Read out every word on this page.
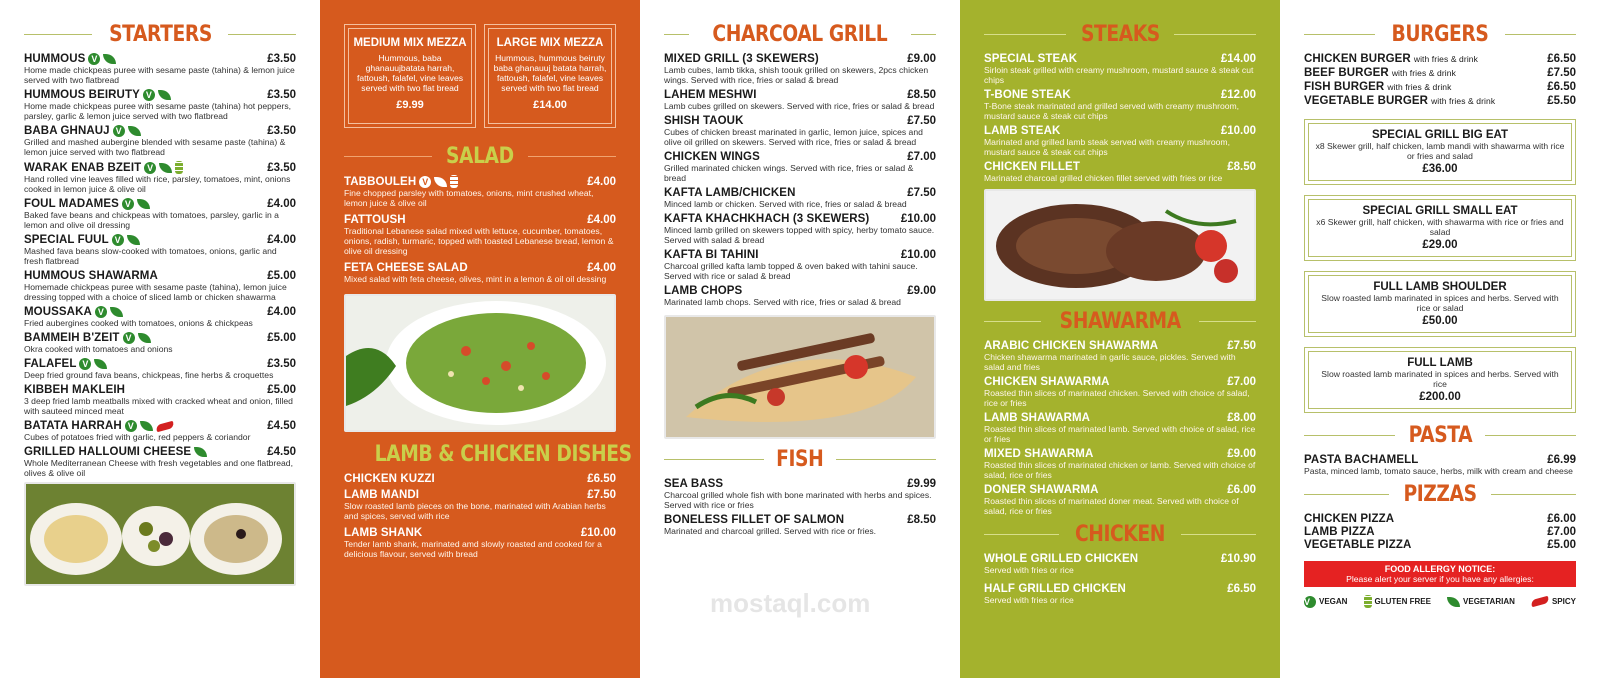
STARTERS
HUMMOUS V	£3.50
Home made chickpeas puree with sesame paste (tahina) & lemon juice served with two flatbread
HUMMOUS BEIRUTY V	£3.50
Home made chickpeas puree with sesame paste (tahina) hot peppers, parsley, garlic & lemon juice served with two flatbread
BABA GHNAUJ V	£3.50
Grilled and mashed aubergine blended with sesame paste (tahina) & lemon juice served with two flatbread
WARAK ENAB BZEIT V	£3.50
Hand rolled vine leaves filled with rice, parsley, tomatoes, mint, onions cooked in lemon juice & olive oil
FOUL MADAMES V	£4.00
Baked fave beans and chickpeas with tomatoes, parsley, garlic in a lemon and olive oil dressing
SPECIAL FUUL V	£4.00
Mashed fava beans slow-cooked with tomatoes, onions, garlic and fresh flatbread
HUMMOUS SHAWARMA	£5.00
Homemade chickpeas puree with sesame paste (tahina), lemon juice dressing topped with a choice of sliced lamb or chicken shawarma
MOUSSAKA V	£4.00
Fried aubergines cooked with tomatoes, onions & chickpeas
BAMMEIH B'ZEIT V	£5.00
Okra cooked with tomatoes and onions
FALAFEL V	£3.50
Deep fried ground fava beans, chickpeas, fine herbs & croquettes
KIBBEH MAKLEIH	£5.00
3 deep fried lamb meatballs mixed with cracked wheat and onion, filled with sauteed minced meat
BATATA HARRAH V	£4.50
Cubes of potatoes fried with garlic, red peppers & coriandor
GRILLED HALLOUMI CHEESE	£4.50
Whole Mediterranean Cheese with fresh vegetables and one flatbread, olives & olive oil
MEDIUM MIX MEZZA
Hummous, baba ghanauujbatata harrah, fattoush, falafel, vine leaves served with two flat bread
£9.99
LARGE MIX MEZZA
Hummous, hummous beiruty baba ghanauuj batata harrah, fattoush, falafel, vine leaves served with two flat bread
£14.00
SALAD
TABBOULEH V	£4.00
Fine chopped parsley with tomatoes, onions, mint crushed wheat, lemon juice & olive oil
FATTOUSH	£4.00
Traditional Lebanese salad mixed with lettuce, cucumber, tomatoes, onions, radish, turmaric, topped with toasted Lebanese bread, lemon & olive oil dressing
FETA CHEESE SALAD	£4.00
Mixed salad with feta cheese, olives, mint in a lemon & oil oil dessing
LAMB & CHICKEN DISHES
CHICKEN KUZZI	£6.50
LAMB MANDI	£7.50
Slow roasted lamb pieces on the bone, marinated with Arabian herbs and spices, served with rice
LAMB SHANK	£10.00
Tender lamb shank, marinated amd slowly roasted and cooked for a delicious flavour, served with bread
CHARCOAL GRILL
MIXED GRILL (3 SKEWERS)	£9.00
Lamb cubes, lamb tikka, shish toouk grilled on skewers, 2pcs chicken wings. Served with rice, fries or salad & bread
LAHEM MESHWI	£8.50
Lamb cubes grilled on skewers. Served with rice, fries or salad & bread
SHISH TAOUK	£7.50
Cubes of chicken breast marinated in garlic, lemon juice, spices and olive oil grilled on skewers. Served with rice, fries or salad & bread
CHICKEN WINGS	£7.00
Grilled marinated chicken wings. Served with rice, fries or salad & bread
KAFTA LAMB/CHICKEN	£7.50
Minced lamb or chicken. Served with rice, fries or salad & bread
KAFTA KHACHKHACH (3 SKEWERS)	£10.00
Minced lamb grilled on skewers topped with spicy, herby tomato sauce. Served with salad & bread
KAFTA BI TAHINI	£10.00
Charcoal grilled kafta lamb topped & oven baked with tahini sauce. Served with rice or salad & bread
LAMB CHOPS	£9.00
Marinated lamb chops. Served with rice, fries or salad & bread
FISH
SEA BASS	£9.99
Charcoal grilled whole fish with bone marinated with herbs and spices. Served with rice or fries
BONELESS FILLET OF SALMON	£8.50
Marinated and charcoal grilled. Served with rice or fries.
mostaql.com
STEAKS
SPECIAL STEAK	£14.00
Sirloin steak grilled with creamy mushroom, mustard sauce & steak cut chips
T-BONE STEAK	£12.00
T-Bone steak marinated and grilled served with creamy mushroom, mustard sauce & steak cut chips
LAMB STEAK	£10.00
Marinated and grilled lamb steak served with creamy mushroom, mustard sauce & steak cut chips
CHICKEN FILLET	£8.50
Marinated charcoal grilled chicken fillet served with fries or rice
SHAWARMA
ARABIC CHICKEN SHAWARMA	£7.50
Chicken shawarma marinated in garlic sauce, pickles. Served with salad and fries
CHICKEN SHAWARMA	£7.00
Roasted thin slices of marinated chicken. Served with choice of salad, rice or fries
LAMB SHAWARMA	£8.00
Roasted thin slices of marinated lamb. Served with choice of salad, rice or fries
MIXED SHAWARMA	£9.00
Roasted thin slices of marinated chicken or lamb. Served with choice of salad, rice or fries
DONER SHAWARMA	£6.00
Roasted thin slices of marinated doner meat. Served with choice of salad, rice or fries
CHICKEN
WHOLE GRILLED CHICKEN	£10.90
Served with fries or rice
HALF GRILLED CHICKEN	£6.50
Served with fries or rice
BURGERS
CHICKEN BURGER with fries & drink	£6.50
BEEF BURGER with fries & drink	£7.50
FISH BURGER with fries & drink	£6.50
VEGETABLE BURGER with fries & drink	£5.50
SPECIAL GRILL BIG EAT
x8 Skewer grill, half chicken, lamb mandi with shawarma with rice or fries and salad
£36.00
SPECIAL GRILL SMALL EAT
x6 Skewer grill, half chicken, with shawarma with rice or fries and salad
£29.00
FULL LAMB SHOULDER
Slow roasted lamb marinated in spices and herbs. Served with rice or salad
£50.00
FULL LAMB
Slow roasted lamb marinated in spices and herbs. Served with rice
£200.00
PASTA
PASTA BACHAMELL	£6.99
Pasta, minced lamb, tomato sauce, herbs, milk with cream and cheese
PIZZAS
CHICKEN PIZZA	£6.00
LAMB PIZZA	£7.00
VEGETABLE PIZZA	£5.00
FOOD ALLERGY NOTICE:
Please alert your server if you have any allergies:
V	VEGAN	GLUTEN FREE	VEGETARIAN	SPICY
